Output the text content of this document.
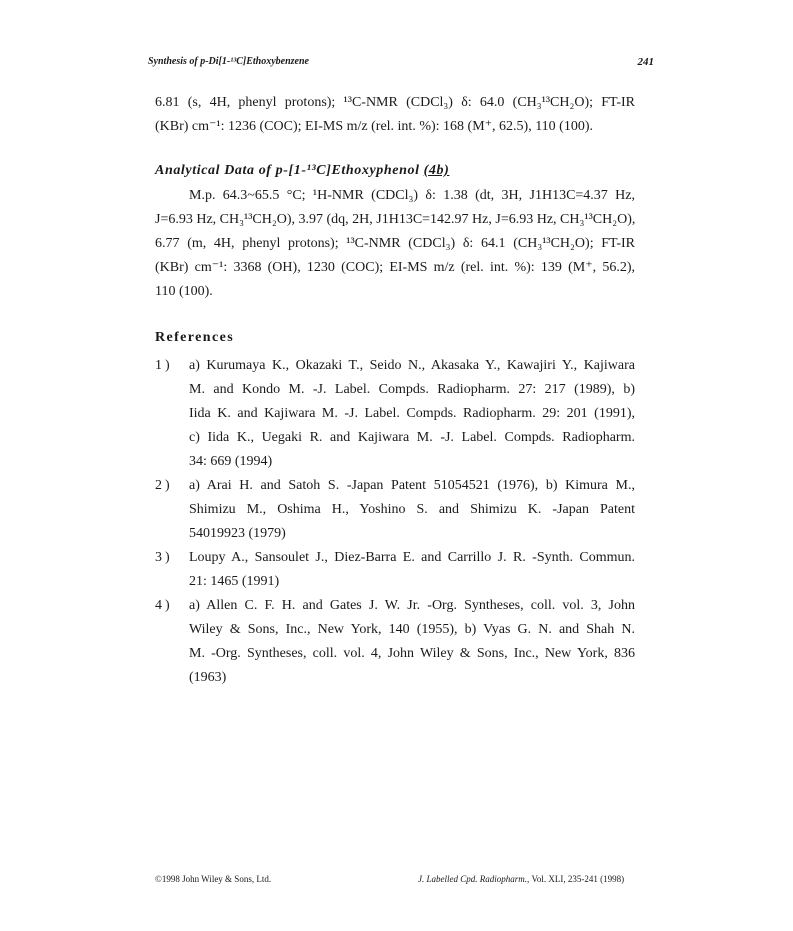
Synthesis of p-Di[1-¹³C]Ethoxybenzene	241
6.81 (s, 4H, phenyl protons); ¹³C-NMR (CDCl₃) δ: 64.0 (CH₃¹³CH₂O); FT-IR
(KBr) cm⁻¹: 1236 (COC); EI-MS m/z (rel. int. %): 168 (M⁺, 62.5), 110 (100).
Analytical Data of p-[1-¹³C]Ethoxyphenol (4b)
M.p. 64.3~65.5 °C; ¹H-NMR (CDCl₃) δ: 1.38 (dt, 3H, J1H13C=4.37 Hz,
J=6.93 Hz, CH₃¹³CH₂O), 3.97 (dq, 2H, J1H13C=142.97 Hz, J=6.93 Hz, CH₃¹³CH₂O),
6.77 (m, 4H, phenyl protons); ¹³C-NMR (CDCl₃) δ: 64.1 (CH₃¹³CH₂O); FT-IR
(KBr) cm⁻¹: 3368 (OH), 1230 (COC); EI-MS m/z (rel. int. %): 139 (M⁺, 56.2),
110 (100).
References
1)	a) Kurumaya K., Okazaki T., Seido N., Akasaka Y., Kawajiri Y., Kajiwara
M. and Kondo M. -J. Label. Compds. Radiopharm. 27: 217 (1989), b)
Iida K. and Kajiwara M. -J. Label. Compds. Radiopharm. 29: 201 (1991),
c) Iida K., Uegaki R. and Kajiwara M. -J. Label. Compds. Radiopharm.
34: 669 (1994)
2)	a) Arai H. and Satoh S. -Japan Patent 51054521 (1976), b) Kimura M.,
Shimizu M., Oshima H., Yoshino S. and Shimizu K. -Japan Patent
54019923 (1979)
3)	Loupy A., Sansoulet J., Diez-Barra E. and Carrillo J. R. -Synth. Commun.
21: 1465 (1991)
4)	a) Allen C. F. H. and Gates J. W. Jr. -Org. Syntheses, coll. vol. 3, John
Wiley & Sons, Inc., New York, 140 (1955), b) Vyas G. N. and Shah N.
M. -Org. Syntheses, coll. vol. 4, John Wiley & Sons, Inc., New York, 836
(1963)
©1998 John Wiley & Sons, Ltd.	J. Labelled Cpd. Radiopharm., Vol. XLI, 235-241 (1998)
